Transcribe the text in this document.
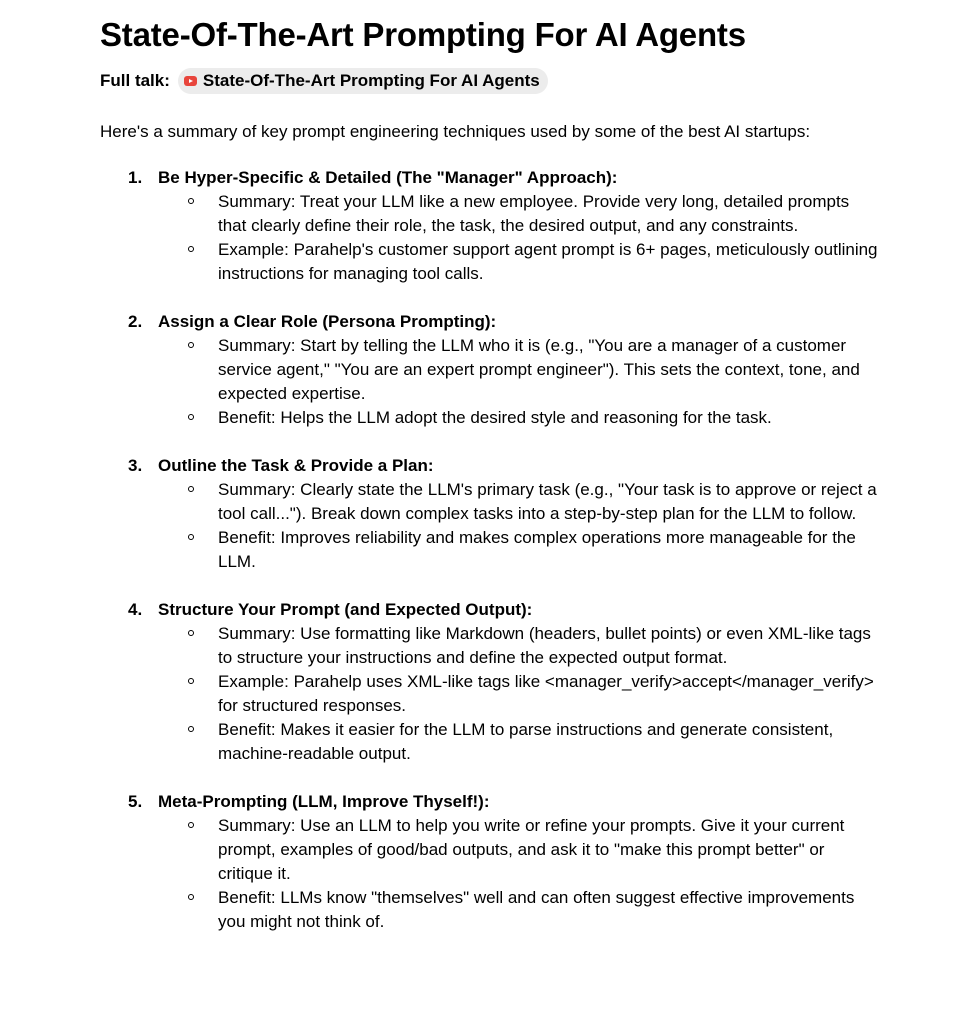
State-Of-The-Art Prompting For AI Agents
Full talk: State-Of-The-Art Prompting For AI Agents

Here's a summary of key prompt engineering techniques used by some of the best AI startups:

1. Be Hyper-Specific & Detailed (The "Manager" Approach):
Summary: Treat your LLM like a new employee. Provide very long, detailed prompts that clearly define their role, the task, the desired output, and any constraints.
Example: Parahelp's customer support agent prompt is 6+ pages, meticulously outlining instructions for managing tool calls.
2. Assign a Clear Role (Persona Prompting):
Summary: Start by telling the LLM who it is (e.g., "You are a manager of a customer service agent," "You are an expert prompt engineer"). This sets the context, tone, and expected expertise.
Benefit: Helps the LLM adopt the desired style and reasoning for the task.
3. Outline the Task & Provide a Plan:
Summary: Clearly state the LLM's primary task (e.g., "Your task is to approve or reject a tool call..."). Break down complex tasks into a step-by-step plan for the LLM to follow.
Benefit: Improves reliability and makes complex operations more manageable for the LLM.
4. Structure Your Prompt (and Expected Output):
Summary: Use formatting like Markdown (headers, bullet points) or even XML-like tags to structure your instructions and define the expected output format.
Example: Parahelp uses XML-like tags like <manager_verify>accept</manager_verify> for structured responses.
Benefit: Makes it easier for the LLM to parse instructions and generate consistent, machine-readable output.
5. Meta-Prompting (LLM, Improve Thyself!):
Summary: Use an LLM to help you write or refine your prompts. Give it your current prompt, examples of good/bad outputs, and ask it to "make this prompt better" or critique it.
Benefit: LLMs know "themselves" well and can often suggest effective improvements you might not think of.
